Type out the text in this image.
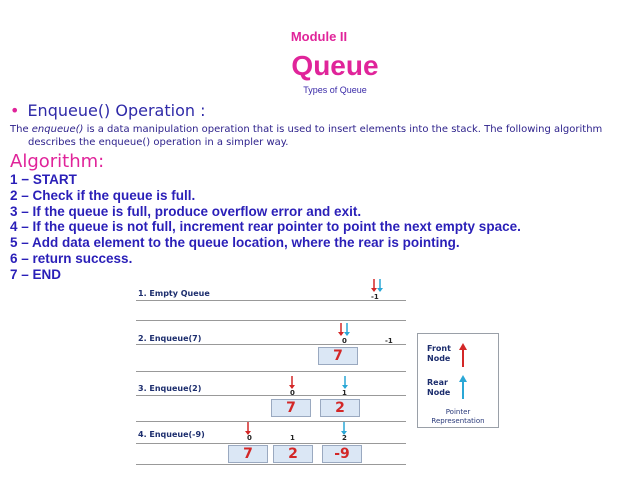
Module II
Queue
Types of Queue
• Enqueue() Operation :
The enqueue() is a data manipulation operation that is used to insert elements into the stack. The following algorithm
describes the enqueue() operation in a simpler way.
Algorithm:
1 − START
2 – Check if the queue is full.
3 – If the queue is full, produce overflow error and exit.
4 – If the queue is not full, increment rear pointer to point the next empty space.
5 – Add data element to the queue location, where the rear is pointing.
6 – return success.
7 – END
1. Empty Queue	-1
2. Enqueue(7)	0	-1
7
3. Enqueue(2)	0	1
7	2
4. Enqueue(-9)	0	1	2
7	2	-9
Front
Node
Rear
Node
Pointer
Representation
